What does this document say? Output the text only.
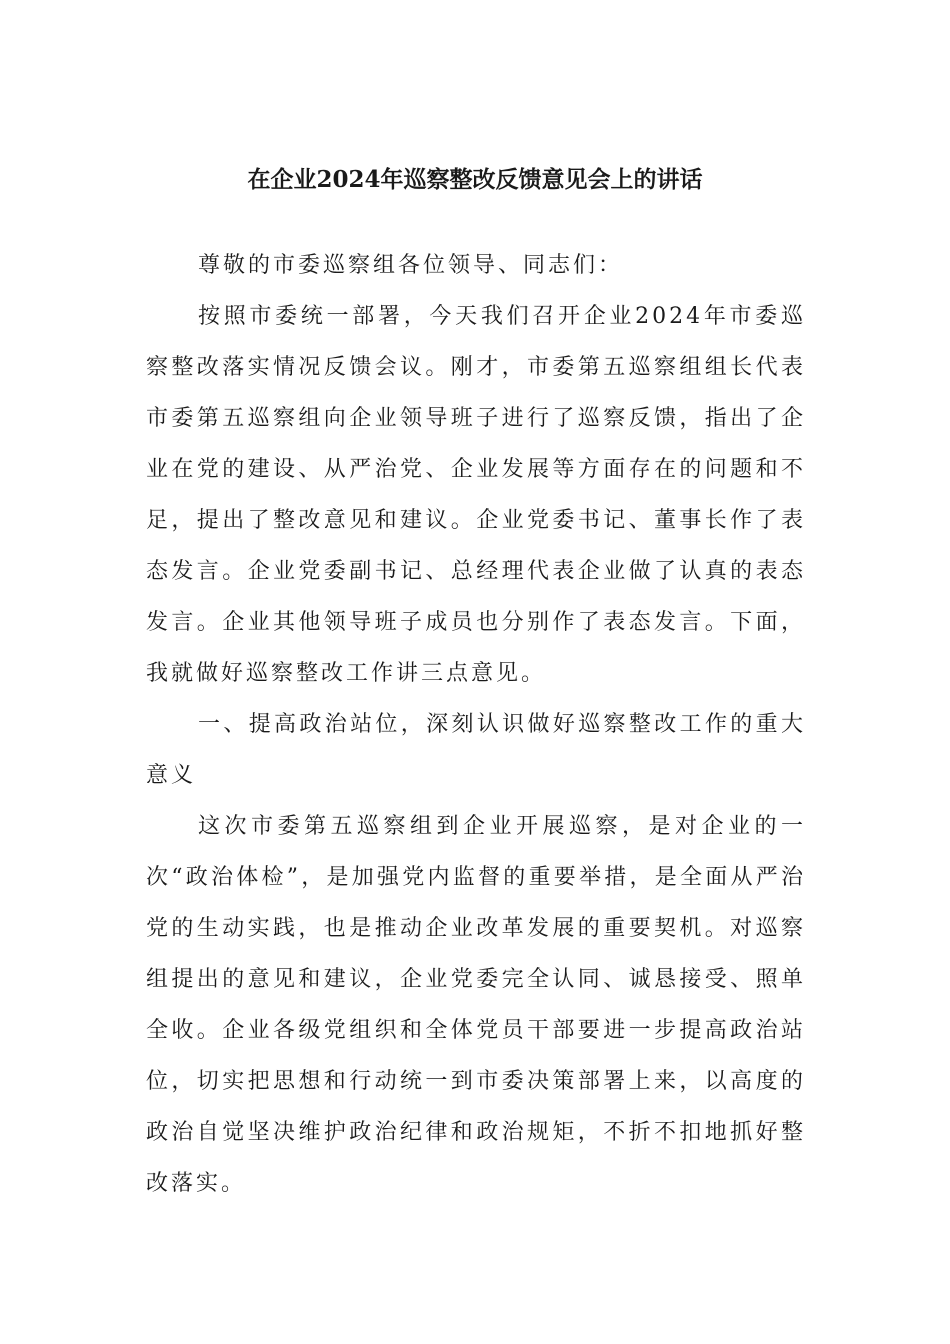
在企业2024年巡察整改反馈意见会上的讲话

尊敬的市委巡察组各位领导、同志们：

按照市委统一部署，今天我们召开企业2024年市委巡察整改落实情况反馈会议。刚才，市委第五巡察组组长代表市委第五巡察组向企业领导班子进行了巡察反馈，指出了企业在党的建设、从严治党、企业发展等方面存在的问题和不足，提出了整改意见和建议。企业党委书记、董事长作了表态发言。企业党委副书记、总经理代表企业做了认真的表态发言。企业其他领导班子成员也分别作了表态发言。下面，我就做好巡察整改工作讲三点意见。

一、提高政治站位，深刻认识做好巡察整改工作的重大意义

这次市委第五巡察组到企业开展巡察，是对企业的一次“政治体检”，是加强党内监督的重要举措，是全面从严治党的生动实践，也是推动企业改革发展的重要契机。对巡察组提出的意见和建议，企业党委完全认同、诚恳接受、照单全收。企业各级党组织和全体党员干部要进一步提高政治站位，切实把思想和行动统一到市委决策部署上来，以高度的政治自觉坚决维护政治纪律和政治规矩，不折不扣地抓好整改落实。
